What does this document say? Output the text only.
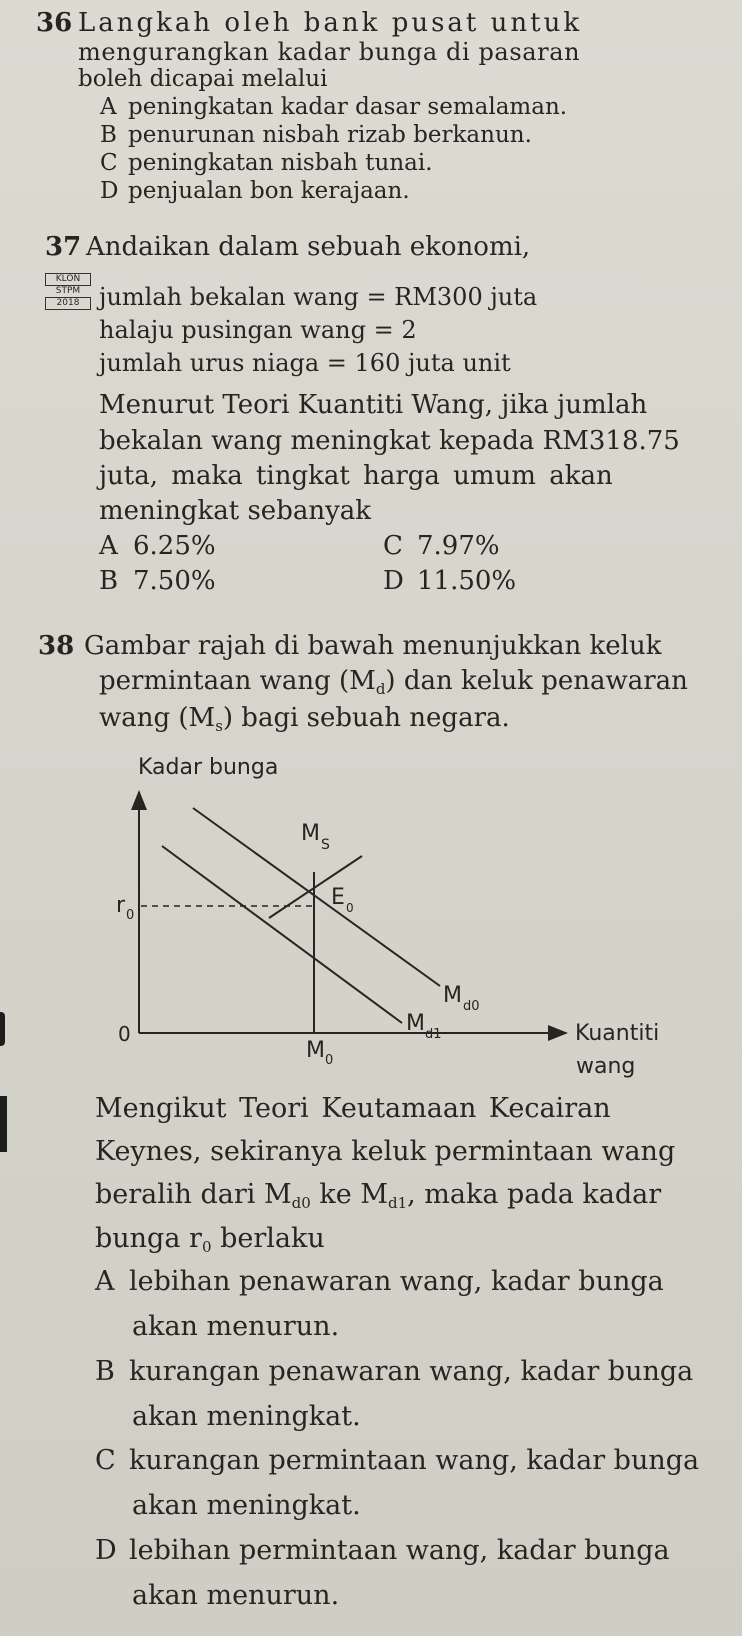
36 Langkah oleh bank pusat untuk
mengurangkan kadar bunga di pasaran
boleh dicapai melalui
A peningkatan kadar dasar semalaman.
B penurunan nisbah rizab berkanun.
C peningkatan nisbah tunai.
D penjualan bon kerajaan.
37 Andaikan dalam sebuah ekonomi,
KLON
STPM
2018 jumlah bekalan wang = RM300 juta
halaju pusingan wang = 2
jumlah urus niaga = 160 juta unit
Menurut Teori Kuantiti Wang, jika jumlah
bekalan wang meningkat kepada RM318.75
juta, maka tingkat harga umum akan
meningkat sebanyak
A 6.25%	C 7.97%
B 7.50%	D 11.50%
38 Gambar rajah di bawah menunjukkan keluk
permintaan wang $(M_d)$ dan keluk penawaran
wang $(M_s)$ bagi sebuah negara.
Kadar bunga
Kuantiti
wang
0
M S
r 0
E 0
M d0
M d1
M 0
Mengikut Teori Keutamaan Kecairan
Keynes, sekiranya keluk permintaan wang
beralih dari $M_{d0}$ ke $M_{d1}$, maka pada kadar
bunga $r_0$ berlaku
A lebihan penawaran wang, kadar bunga
akan menurun.
B kurangan penawaran wang, kadar bunga
akan meningkat.
C kurangan permintaan wang, kadar bunga
akan meningkat.
D lebihan permintaan wang, kadar bunga
akan menurun.
